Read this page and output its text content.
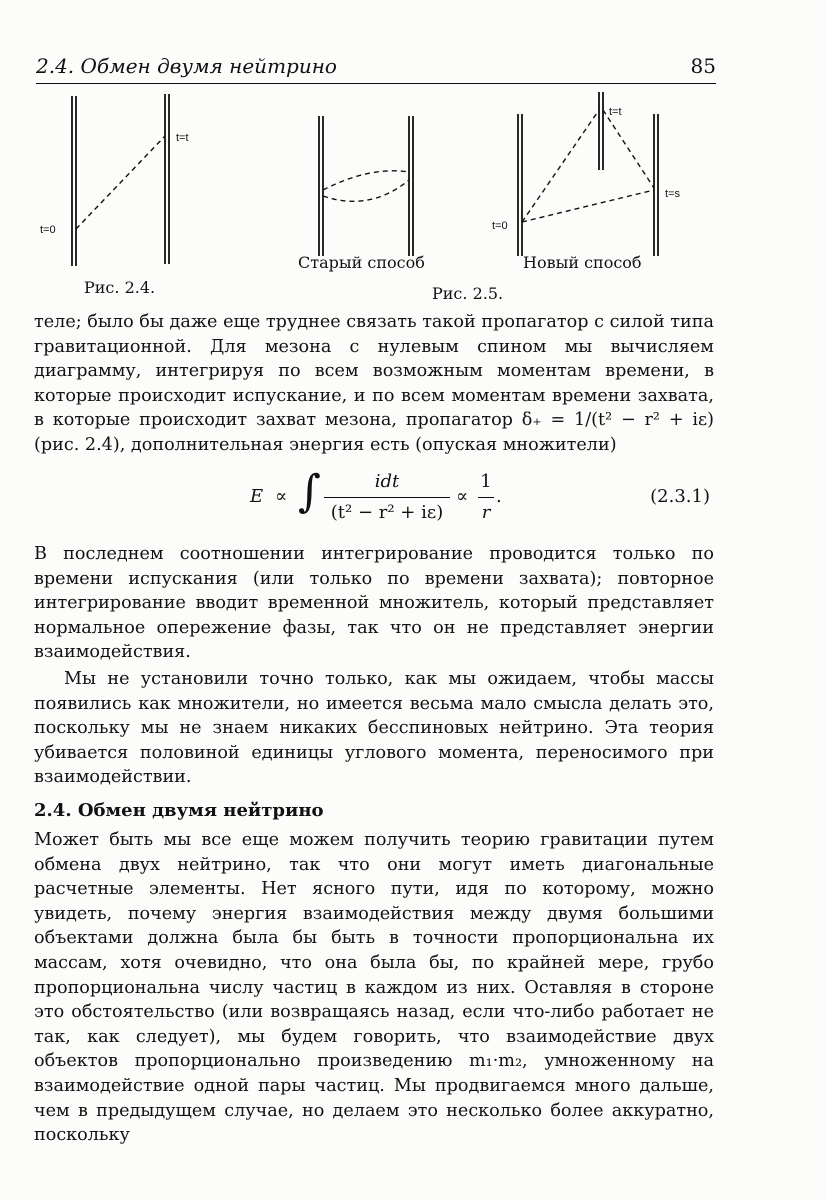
2.4. Обмен двумя нейтрино	85
t=0
t=t
t=0
t=t
t=s
Рис. 2.4.
Старый способ	Новый способ
Рис. 2.5.

теле; было бы даже еще труднее связать такой пропагатор с силой типа гравитационной. Для мезона с нулевым спином мы вычисляем диаграмму, интегрируя по всем возможным моментам времени, в которые происходит испускание, и по всем моментам времени захвата, в которые происходит захват мезона, пропагатор δ₊ = 1/(t² − r² + iε) (рис. 2.4), дополнительная энергия есть (опуская множители)

E ∝ ∫	idt
(t² − r² + iε)
∝
1
r
.	(2.3.1)

В последнем соотношении интегрирование проводится только по времени испускания (или только по времени захвата); повторное интегрирование вводит временной множитель, который представляет нормальное опережение фазы, так что он не представляет энергии взаимодействия.

Мы не установили точно только, как мы ожидаем, чтобы массы появились как множители, но имеется весьма мало смысла делать это, поскольку мы не знаем никаких бесспиновых нейтрино. Эта теория убивается половиной единицы углового момента, переносимого при взаимодействии.

2.4. Обмен двумя нейтрино

Может быть мы все еще можем получить теорию гравитации путем обмена двух нейтрино, так что они могут иметь диагональные расчетные элементы. Нет ясного пути, идя по которому, можно увидеть, почему энергия взаимодействия между двумя большими объектами должна была бы быть в точности пропорциональна их массам, хотя очевидно, что она была бы, по крайней мере, грубо пропорциональна числу частиц в каждом из них. Оставляя в стороне это обстоятельство (или возвращаясь назад, если что-либо работает не так, как следует), мы будем говорить, что взаимодействие двух объектов пропорционально произведению m₁·m₂, умноженному на взаимодействие одной пары частиц. Мы продвигаемся много дальше, чем в предыдущем случае, но делаем это несколько более аккуратно, поскольку
